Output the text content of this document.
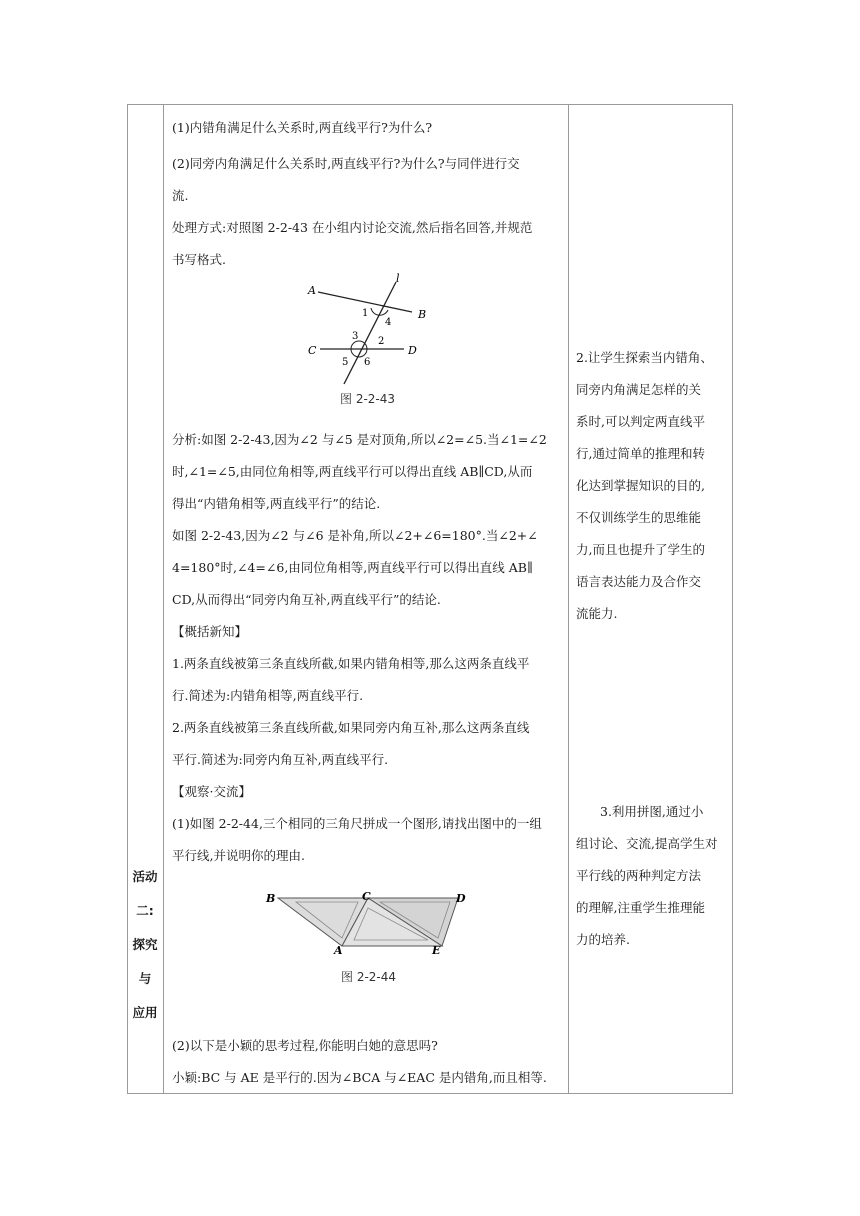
活动
二:
探究
与
应用
(1)内错角满足什么关系时,两直线平行?为什么?
(2)同旁内角满足什么关系时,两直线平行?为什么?与同伴进行交
流.
处理方式:对照图 2-2-43 在小组内讨论交流,然后指名回答,并规范
书写格式.
A
B
C	D
l
1
4
3 2
5 6
图 2-2-43
分析:如图 2-2-43,因为∠2 与∠5 是对顶角,所以∠2=∠5.当∠1=∠2
时,∠1=∠5,由同位角相等,两直线平行可以得出直线 AB∥CD,从而
得出“内错角相等,两直线平行”的结论.
如图 2-2-43,因为∠2 与∠6 是补角,所以∠2+∠6=180°.当∠2+∠
4=180°时,∠4=∠6,由同位角相等,两直线平行可以得出直线 AB∥
CD,从而得出“同旁内角互补,两直线平行”的结论.
【概括新知】
1.两条直线被第三条直线所截,如果内错角相等,那么这两条直线平
行.简述为:内错角相等,两直线平行.
2.两条直线被第三条直线所截,如果同旁内角互补,那么这两条直线
平行.简述为:同旁内角互补,两直线平行.
【观察·交流】
(1)如图 2-2-44,三个相同的三角尺拼成一个图形,请找出图中的一组
平行线,并说明你的理由.
B	C	D
A	E
图 2-2-44
(2)以下是小颖的思考过程,你能明白她的意思吗?
小颖:BC 与 AE 是平行的.因为∠BCA 与∠EAC 是内错角,而且相等.
2.让学生探索当内错角、
同旁内角满足怎样的关
系时,可以判定两直线平
行,通过简单的推理和转
化达到掌握知识的目的,
不仅训练学生的思维能
力,而且也提升了学生的
语言表达能力及合作交
流能力.
3.利用拼图,通过小
组讨论、交流,提高学生对
平行线的两种判定方法
的理解,注重学生推理能
力的培养.
